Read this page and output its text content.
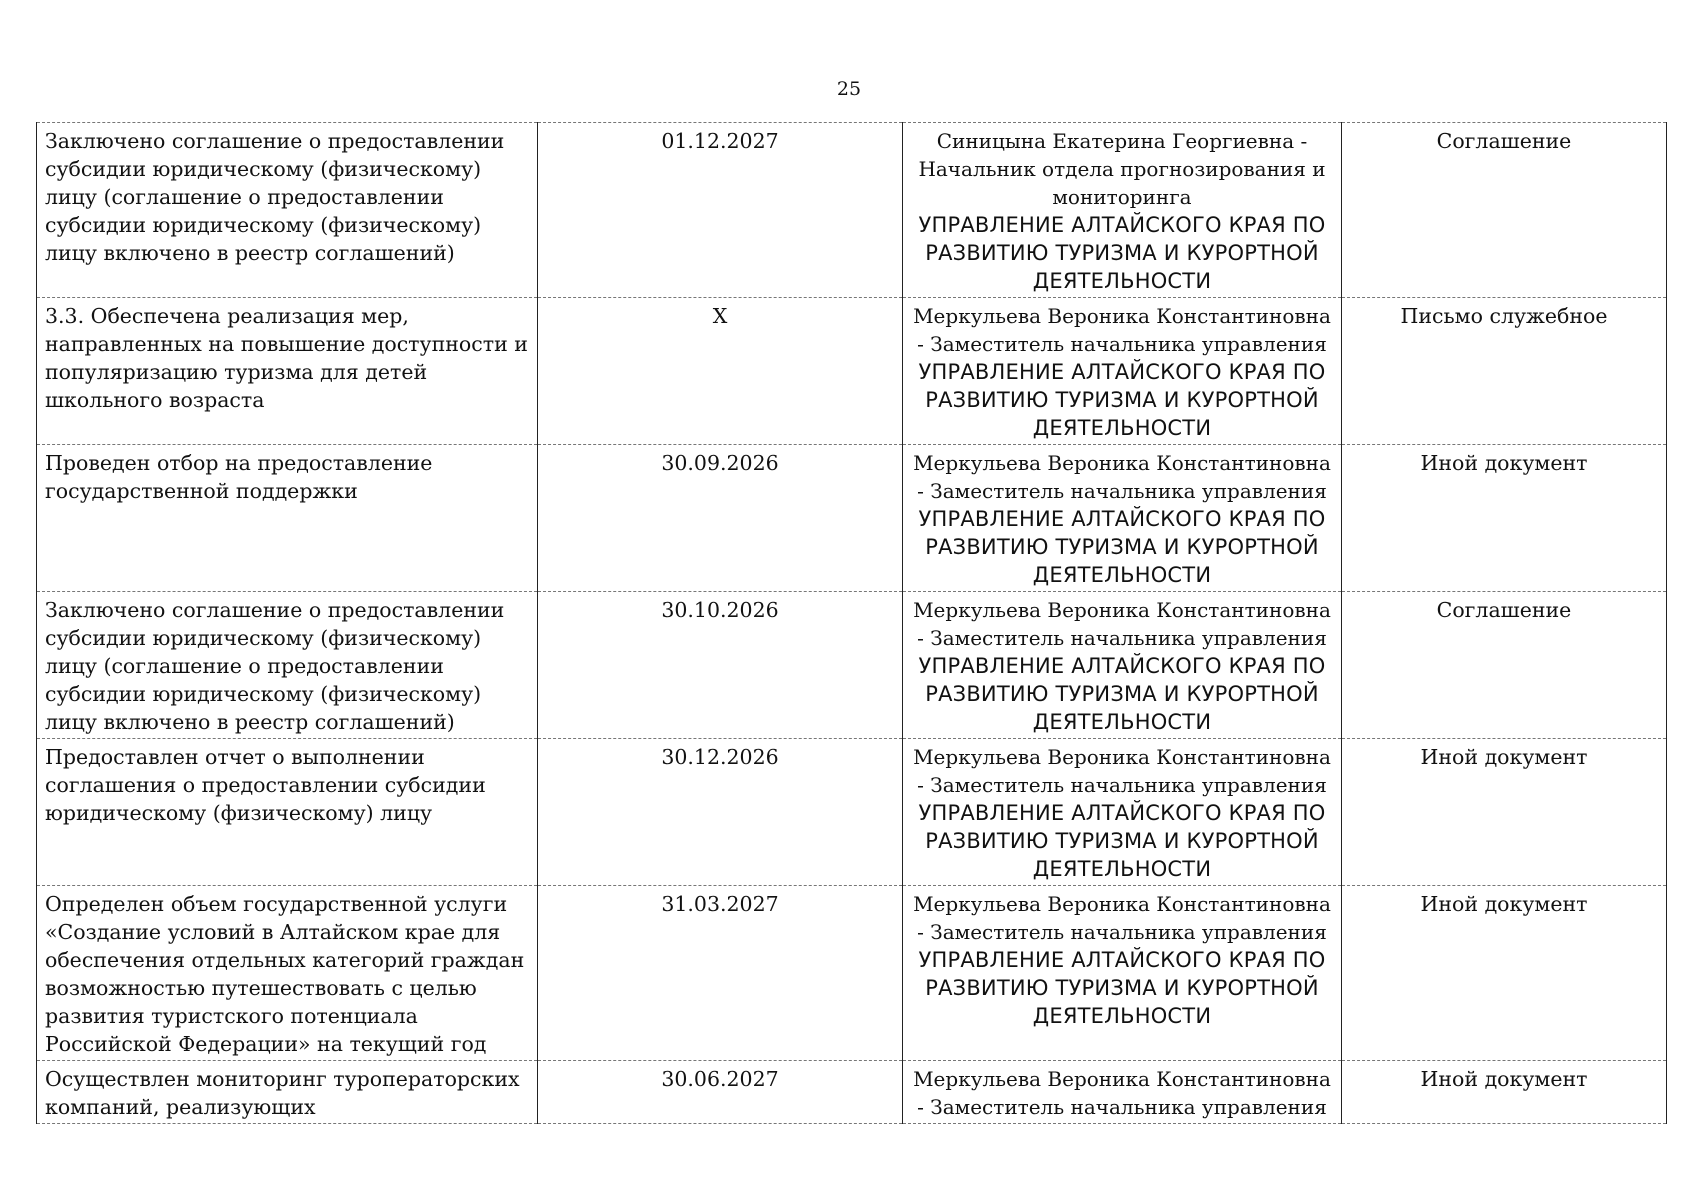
25
Заключено соглашение о предоставлении субсидии юридическому (физическому) лицу (соглашение о предоставлении субсидии юридическому (физическому) лицу включено в реестр соглашений)	01.12.2027	Синицына Екатерина Георгиевна - Начальник отдела прогнозирования и мониторинга
УПРАВЛЕНИЕ АЛТАЙСКОГО КРАЯ ПО РАЗВИТИЮ ТУРИЗМА И КУРОРТНОЙ ДЕЯТЕЛЬНОСТИ	Соглашение
3.3. Обеспечена реализация мер, направленных на повышение доступности и популяризацию туризма для детей школьного возраста	X	Меркульева Вероника Константиновна - Заместитель начальника управления
УПРАВЛЕНИЕ АЛТАЙСКОГО КРАЯ ПО РАЗВИТИЮ ТУРИЗМА И КУРОРТНОЙ ДЕЯТЕЛЬНОСТИ	Письмо служебное
Проведен отбор на предоставление государственной поддержки	30.09.2026	Меркульева Вероника Константиновна - Заместитель начальника управления
УПРАВЛЕНИЕ АЛТАЙСКОГО КРАЯ ПО РАЗВИТИЮ ТУРИЗМА И КУРОРТНОЙ ДЕЯТЕЛЬНОСТИ	Иной документ
Заключено соглашение о предоставлении субсидии юридическому (физическому) лицу (соглашение о предоставлении субсидии юридическому (физическому) лицу включено в реестр соглашений)	30.10.2026	Меркульева Вероника Константиновна - Заместитель начальника управления
УПРАВЛЕНИЕ АЛТАЙСКОГО КРАЯ ПО РАЗВИТИЮ ТУРИЗМА И КУРОРТНОЙ ДЕЯТЕЛЬНОСТИ	Соглашение
Предоставлен отчет о выполнении соглашения о предоставлении субсидии юридическому (физическому) лицу	30.12.2026	Меркульева Вероника Константиновна - Заместитель начальника управления
УПРАВЛЕНИЕ АЛТАЙСКОГО КРАЯ ПО РАЗВИТИЮ ТУРИЗМА И КУРОРТНОЙ ДЕЯТЕЛЬНОСТИ	Иной документ
Определен объем государственной услуги «Создание условий в Алтайском крае для обеспечения отдельных категорий граждан возможностью путешествовать с целью развития туристского потенциала Российской Федерации» на текущий год	31.03.2027	Меркульева Вероника Константиновна - Заместитель начальника управления
УПРАВЛЕНИЕ АЛТАЙСКОГО КРАЯ ПО РАЗВИТИЮ ТУРИЗМА И КУРОРТНОЙ ДЕЯТЕЛЬНОСТИ	Иной документ
Осуществлен мониторинг туроператорских компаний, реализующих	30.06.2027	Меркульева Вероника Константиновна - Заместитель начальника управления	Иной документ
